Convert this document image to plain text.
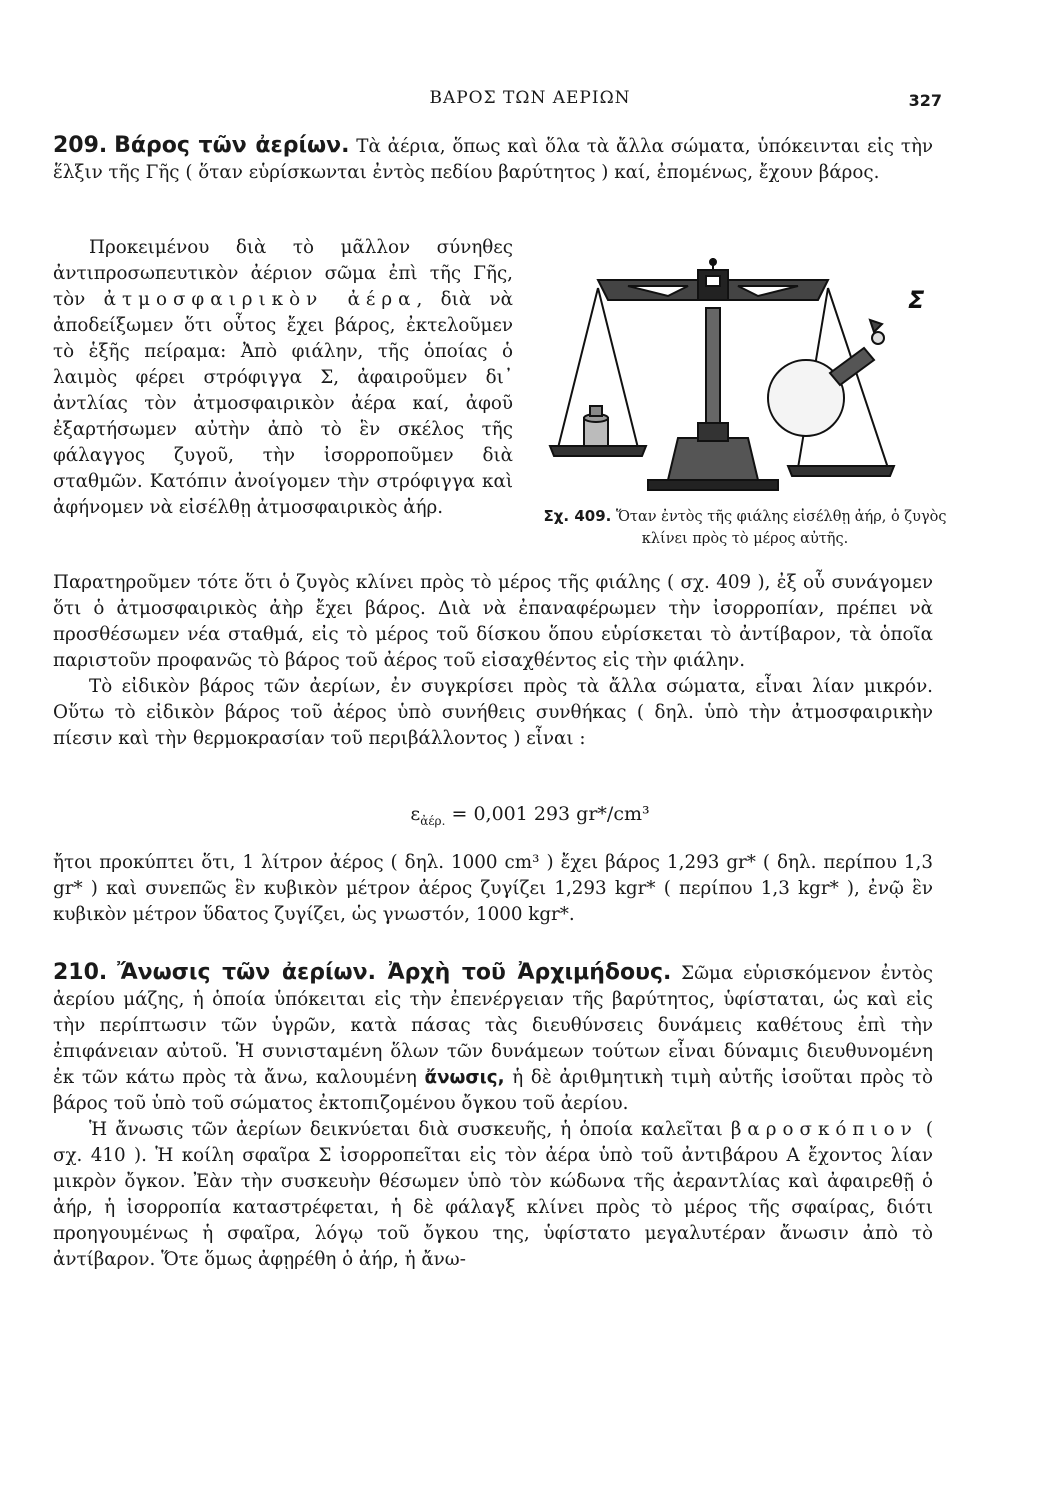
ΒΑΡΟΣ ΤΩΝ ΑΕΡΙΩΝ	327
209. Βάρος τῶν ἀερίων. Τὰ ἀέρια, ὅπως καὶ ὅλα τὰ ἄλλα σώματα, ὑπόκεινται εἰς τὴν ἕλξιν τῆς Γῆς ( ὅταν εὑρίσκωνται ἐντὸς πεδίου βαρύτητος ) καί, ἐπομένως, ἔχουν βάρος.
Προκειμένου διὰ τὸ μᾶλλον σύνηθες ἀντιπροσωπευτικὸν ἀέριον σῶμα ἐπὶ τῆς Γῆς, τὸν ἀτμοσφαιρικὸν ἀέρα, διὰ νὰ ἀποδείξωμεν ὅτι οὗτος ἔχει βάρος, ἐκτελοῦμεν τὸ ἑξῆς πείραμα: Ἀπὸ φιάλην, τῆς ὁποίας ὁ λαιμὸς φέρει στρόφιγγα Σ, ἀφαιροῦμεν δι᾽ ἀντλίας τὸν ἀτμοσφαιρικὸν ἀέρα καί, ἀφοῦ ἐξαρτήσωμεν αὐτὴν ἀπὸ τὸ ἓν σκέλος τῆς φάλαγγος ζυγοῦ, τὴν ἰσορροποῦμεν διὰ σταθμῶν. Κατόπιν ἀνοίγομεν τὴν στρόφιγγα καὶ ἀφήνομεν νὰ εἰσέλθῃ ἀτμοσφαιρικὸς ἀήρ.
Σ
Σχ. 409. Ὅταν ἐντὸς τῆς φιάλης εἰσέλθῃ ἀήρ, ὁ ζυγὸς κλίνει πρὸς τὸ μέρος αὐτῆς.
Παρατηροῦμεν τότε ὅτι ὁ ζυγὸς κλίνει πρὸς τὸ μέρος τῆς φιάλης ( σχ. 409 ), ἐξ οὗ συνάγομεν ὅτι ὁ ἀτμοσφαιρικὸς ἀὴρ ἔχει βάρος. Διὰ νὰ ἐπαναφέρωμεν τὴν ἰσορροπίαν, πρέπει νὰ προσθέσωμεν νέα σταθμά, εἰς τὸ μέρος τοῦ δίσκου ὅπου εὑρίσκεται τὸ ἀντίβαρον, τὰ ὁποῖα παριστοῦν προφανῶς τὸ βάρος τοῦ ἀέρος τοῦ εἰσαχθέντος εἰς τὴν φιάλην.
Τὸ εἰδικὸν βάρος τῶν ἀερίων, ἐν συγκρίσει πρὸς τὰ ἄλλα σώματα, εἶναι λίαν μικρόν. Οὕτω τὸ εἰδικὸν βάρος τοῦ ἀέρος ὑπὸ συνήθεις συνθήκας ( δηλ. ὑπὸ τὴν ἀτμοσφαιρικὴν πίεσιν καὶ τὴν θερμοκρασίαν τοῦ περιβάλλοντος ) εἶναι :
$\varepsilon_{ἀέ\rho.} = 0,001$ 293 gr*/cm³
ἤτοι προκύπτει ὅτι, 1 λίτρον ἀέρος ( δηλ. 1000 cm³ ) ἔχει βάρος 1,293 gr* ( δηλ. περίπου 1,3 gr* ) καὶ συνεπῶς ἓν κυβικὸν μέτρον ἀέρος ζυγίζει 1,293 kgr* ( περίπου 1,3 kgr* ), ἐνῷ ἓν κυβικὸν μέτρον ὕδατος ζυγίζει, ὡς γνωστόν, 1000 kgr*.
210. Ἄνωσις τῶν ἀερίων. Ἀρχὴ τοῦ Ἀρχιμήδους. Σῶμα εὑρισκόμενον ἐντὸς ἀερίου μάζης, ἡ ὁποία ὑπόκειται εἰς τὴν ἐπενέργειαν τῆς βαρύτητος, ὑφίσταται, ὡς καὶ εἰς τὴν περίπτωσιν τῶν ὑγρῶν, κατὰ πάσας τὰς διευθύνσεις δυνάμεις καθέτους ἐπὶ τὴν ἐπιφάνειαν αὐτοῦ. Ἡ συνισταμένη ὅλων τῶν δυνάμεων τούτων εἶναι δύναμις διευθυνομένη ἐκ τῶν κάτω πρὸς τὰ ἄνω, καλουμένη ἄνωσις, ἡ δὲ ἀριθμητικὴ τιμὴ αὐτῆς ἰσοῦται πρὸς τὸ βάρος τοῦ ὑπὸ τοῦ σώματος ἐκτοπιζομένου ὄγκου τοῦ ἀερίου.
Ἡ ἄνωσις τῶν ἀερίων δεικνύεται διὰ συσκευῆς, ἡ ὁποία καλεῖται βαροσκόπιον ( σχ. 410 ). Ἡ κοίλη σφαῖρα Σ ἰσορροπεῖται εἰς τὸν ἀέρα ὑπὸ τοῦ ἀντιβάρου Α ἔχοντος λίαν μικρὸν ὄγκον. Ἐὰν τὴν συσκευὴν θέσωμεν ὑπὸ τὸν κώδωνα τῆς ἀεραντλίας καὶ ἀφαιρεθῇ ὁ ἀήρ, ἡ ἰσορροπία καταστρέφεται, ἡ δὲ φάλαγξ κλίνει πρὸς τὸ μέρος τῆς σφαίρας, διότι προηγουμένως ἡ σφαῖρα, λόγῳ τοῦ ὄγκου της, ὑφίστατο μεγαλυτέραν ἄνωσιν ἀπὸ τὸ ἀντίβαρον. Ὅτε ὅμως ἀφῃρέθη ὁ ἀήρ, ἡ ἄνω-
